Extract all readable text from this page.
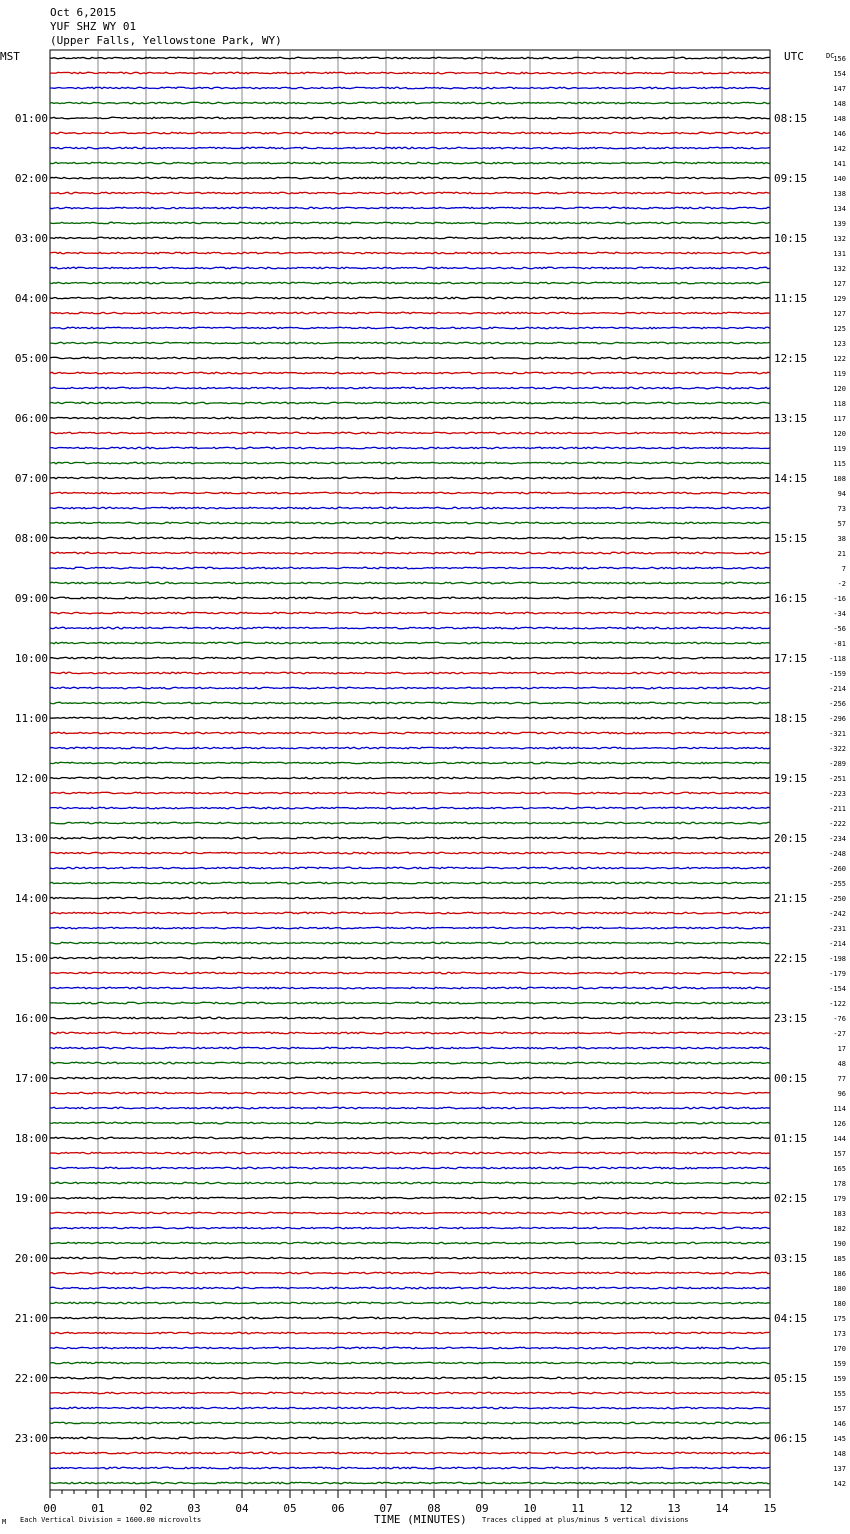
Oct 6,2015
YUF SHZ WY 01
(Upper Falls, Yellowstone Park, WY)
156
154
147
148
148
146
142
141
140
138
134
139
132
131
132
127
129
127
125
123
122
119
120
118
117
120
119
115
108
94
73
57
38
21
7
-2
-16
-34
-56
-81
-118
-159
-214
-256
-296
-321
-322
-289
-251
-223
-211
-222
-234
-248
-260
-255
-250
-242
-231
-214
-198
-179
-154
-122
-76
-27
17
48
77
96
114
126
144
157
165
178
179
183
182
190
185
186
180
180
175
173
170
159
159
155
157
146
145
148
137
142
01:00
02:00
03:00
04:00
05:00
06:00
07:00
08:00
09:00
10:00
11:00
12:00
13:00
14:00
15:00
16:00
17:00
18:00
19:00
20:00
21:00
22:00
23:00
08:15
09:15
10:15
11:15
12:15
13:15
14:15
15:15
16:15
17:15
18:15
19:15
20:15
21:15
22:15
23:15
00:15
01:15
02:15
03:15
04:15
05:15
06:15
00	01	02	03	04	05	06	07	08	09	10	11	12	13	14	15
MST	UTC	DC
M Each Vertical Division = 1600.00 microvolts	TIME (MINUTES) Traces clipped at plus/minus 5 vertical divisions
